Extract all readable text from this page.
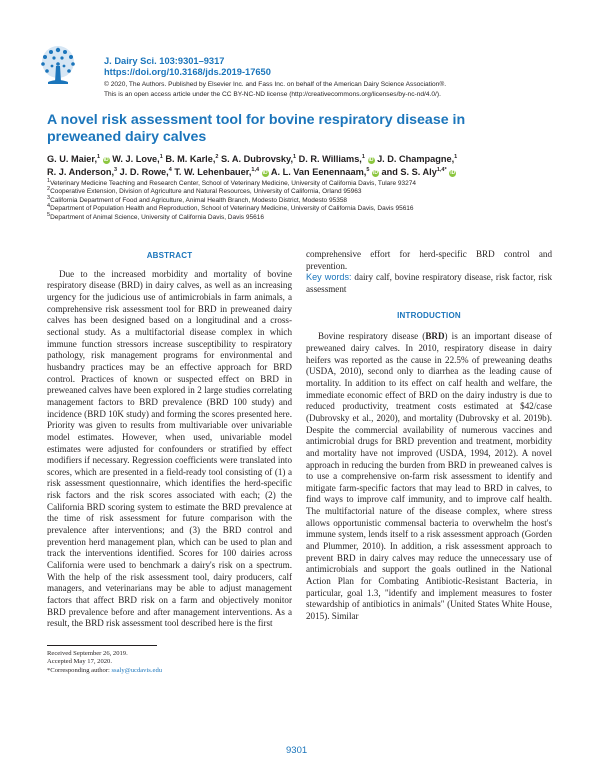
J. Dairy Sci. 103:9301–9317
https://doi.org/10.3168/jds.2019-17650
© 2020, The Authors. Published by Elsevier Inc. and Fass Inc. on behalf of the American Dairy Science Association®.
This is an open access article under the CC BY-NC-ND license (http://creativecommons.org/licenses/by-nc-nd/4.0/).
A novel risk assessment tool for bovine respiratory disease in preweaned dairy calves
G. U. Maier,$^1$ iD W. J. Love,$^1$ B. M. Karle,$^2$ S. A. Dubrovsky,$^1$ D. R. Williams,$^1$ iD J. D. Champagne,$^1$
R. J. Anderson,$^3$ J. D. Rowe,$^4$ T. W. Lehenbauer,$^{1,4}$ iD A. L. Van Eenennaam,$^5$ iD and S. S. Aly$^{1,4*}$ iD
$^1$Veterinary Medicine Teaching and Research Center, School of Veterinary Medicine, University of California Davis, Tulare 93274
$^2$Cooperative Extension, Division of Agriculture and Natural Resources, University of California, Orland 95963
$^3$California Department of Food and Agriculture, Animal Health Branch, Modesto District, Modesto 95358
$^4$Department of Population Health and Reproduction, School of Veterinary Medicine, University of California Davis, Davis 95616
$^5$Department of Animal Science, University of California Davis, Davis 95616
ABSTRACT
Due to the increased morbidity and mortality of bovine respiratory disease (BRD) in dairy calves, as well as an increasing urgency for the judicious use of antimicrobials in farm animals, a comprehensive risk assessment tool for BRD in preweaned dairy calves has been designed based on a longitudinal and a cross-sectional study. As a multifactorial disease complex in which immune function stressors increase susceptibility to respiratory pathology, risk management programs for environmental and husbandry practices may be an effective approach for BRD control. Practices of known or suspected effect on BRD in preweaned calves have been explored in 2 large studies correlating management factors to BRD prevalence (BRD 100 study) and incidence (BRD 10K study) and forming the scores presented here. Priority was given to results from multivariable over univariable model estimates. However, when used, univariable model estimates were adjusted for confounders or stratified by effect modifiers if necessary. Regression coefficients were translated into scores, which are presented in a field-ready tool consisting of (1) a risk assessment questionnaire, which identifies the herd-specific risk factors and the risk scores associated with each; (2) the California BRD scoring system to estimate the BRD prevalence at the time of risk assessment for future comparison with the prevalence after interventions; and (3) the BRD control and prevention herd management plan, which can be used to plan and track the interventions identified. Scores for 100 dairies across California were used to benchmark a dairy's risk on a spectrum. With the help of the risk assessment tool, dairy producers, calf managers, and veterinarians may be able to adjust management factors that affect BRD risk on a farm and objectively monitor BRD prevalence before and after management interventions. As a result, the BRD risk assessment tool described here is the first
comprehensive effort for herd-specific BRD control and prevention.
Key words: dairy calf, bovine respiratory disease, risk factor, risk assessment
INTRODUCTION
Bovine respiratory disease (BRD) is an important disease of preweaned dairy calves. In 2010, respiratory disease in dairy heifers was reported as the cause in 22.5% of preweaning deaths (USDA, 2010), second only to diarrhea as the leading cause of mortality. In addition to its effect on calf health and welfare, the immediate economic effect of BRD on the dairy industry is due to reduced productivity, treatment costs estimated at $42/case (Dubrovsky et al., 2020), and mortality (Dubrovsky et al. 2019b). Despite the commercial availability of numerous vaccines and antimicrobial drugs for BRD prevention and treatment, morbidity and mortality have not improved (USDA, 1994, 2012). A novel approach in reducing the burden from BRD in preweaned calves is to use a comprehensive on-farm risk assessment to identify and mitigate farm-specific factors that may lead to BRD in calves, to find ways to improve calf immunity, and to improve calf health. The multifactorial nature of the disease complex, where stress allows opportunistic commensal bacteria to overwhelm the host's immune system, lends itself to a risk assessment approach (Gorden and Plummer, 2010). In addition, a risk assessment approach to prevent BRD in dairy calves may reduce the unnecessary use of antimicrobials and support the goals outlined in the National Action Plan for Combating Antibiotic-Resistant Bacteria, in particular, goal 1.3, "identify and implement measures to foster stewardship of antibiotics in animals" (United States White House, 2015). Similar
Received September 26, 2019.
Accepted May 17, 2020.
*Corresponding author: ssaly@ucdavis.edu
9301
